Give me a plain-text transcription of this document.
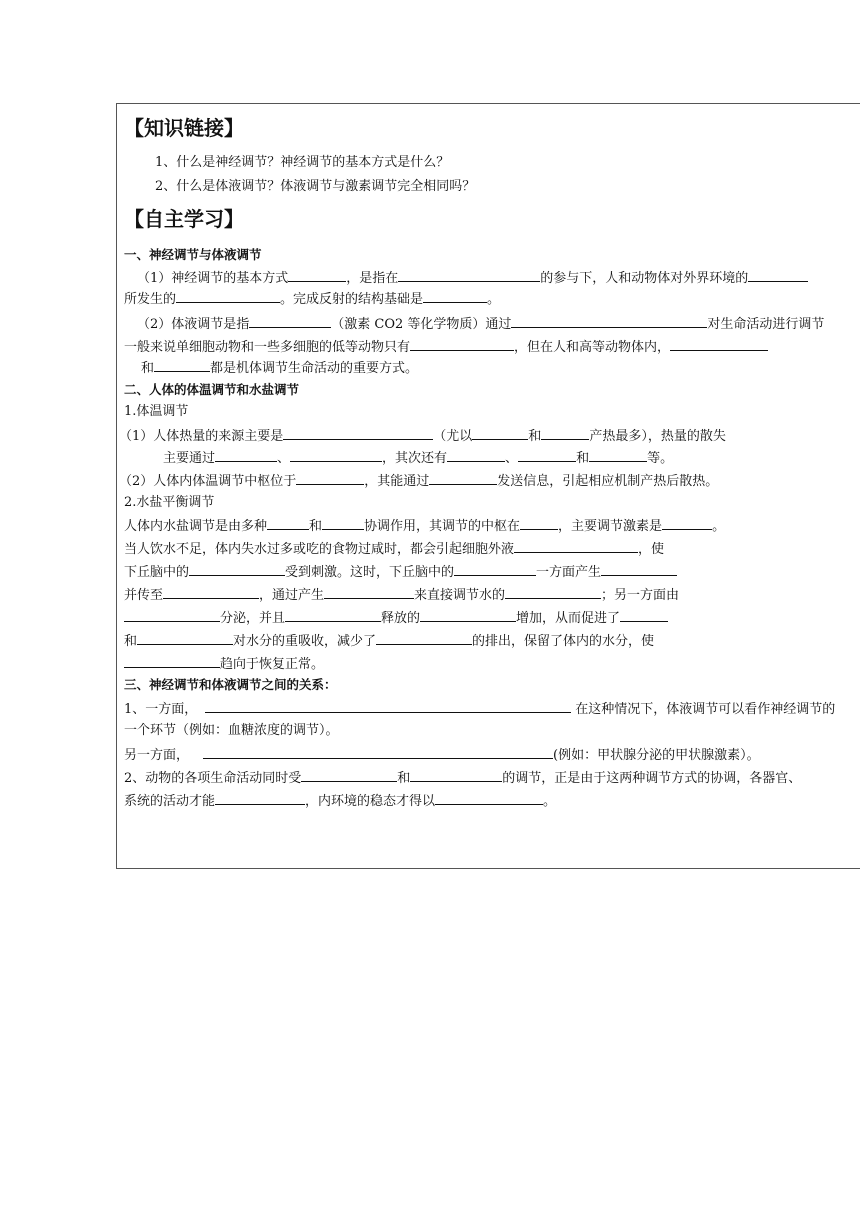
【知识链接】
1、什么是神经调节？神经调节的基本方式是什么？
2、什么是体液调节？体液调节与激素调节完全相同吗？
【自主学习】
一、神经调节与体液调节
（1）神经调节的基本方式	，是指在	的参与下，人和动物体对外界环境的
所发生的	。完成反射的结构基础是	。
（2）体液调节是指	（激素 CO2 等化学物质）通过	对生命活动进行调节
一般来说单细胞动物和一些多细胞的低等动物只有	，但在人和高等动物体内，
和	都是机体调节生命活动的重要方式。
二、人体的体温调节和水盐调节
1.体温调节
（1）人体热量的来源主要是	（尤以	和	产热最多），热量的散失
主要通过	、	，其次还有	、	和	等。
（2）人体内体温调节中枢位于	，其能通过	发送信息，引起相应机制产热后散热。
2.水盐平衡调节
人体内水盐调节是由多种	和	协调作用，其调节的中枢在	，主要调节激素是	。
当人饮水不足，体内失水过多或吃的食物过咸时，都会引起细胞外液	，使
下丘脑中的	受到刺激。这时，下丘脑中的	一方面产生
并传至	，通过产生	来直接调节水的	；另一方面由
分泌，并且	释放的	增加，从而促进了
和	对水分的重吸收，减少了	的排出，保留了体内的水分，使
趋向于恢复正常。
三、神经调节和体液调节之间的关系：
1、一方面，	在这种情况下，体液调节可以看作神经调节的
一个环节（例如：血糖浓度的调节）。
另一方面，	(例如：甲状腺分泌的甲状腺激素）。
2、动物的各项生命活动同时受	和	的调节，正是由于这两种调节方式的协调，各器官、
系统的活动才能	，内环境的稳态才得以	。
